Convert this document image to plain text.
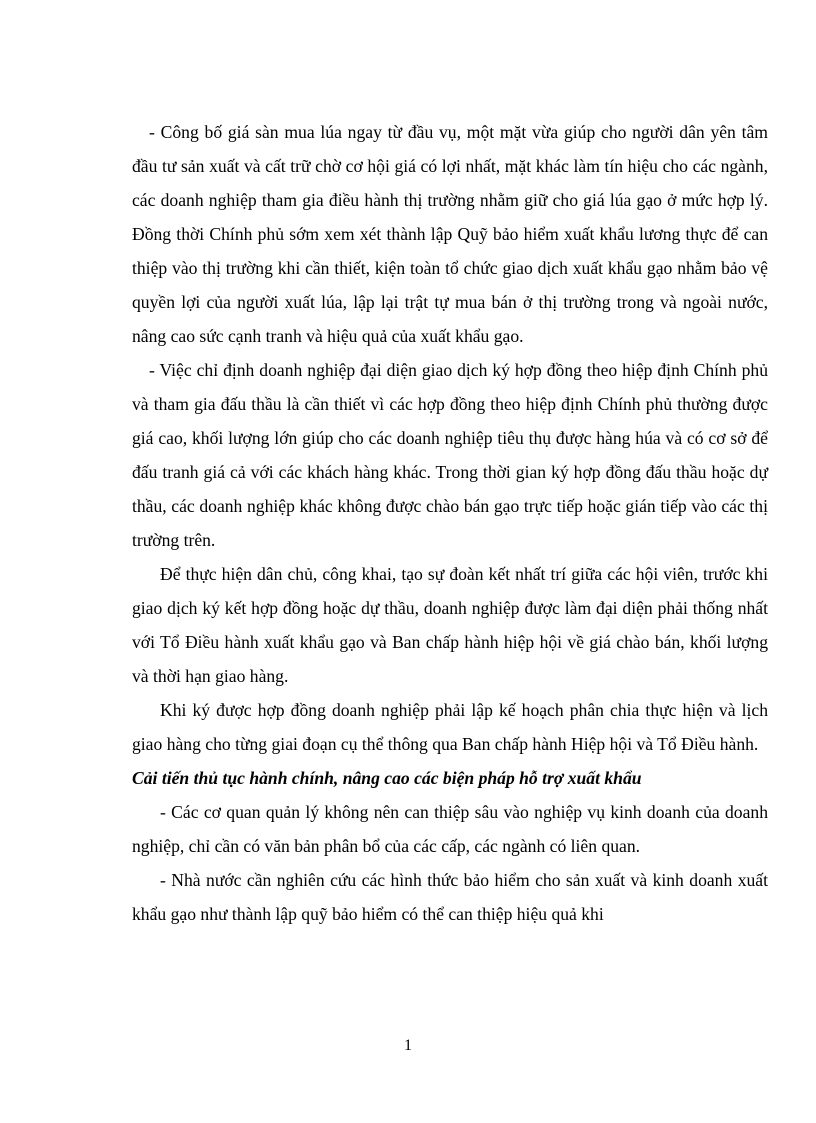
- Công bố giá sàn mua lúa ngay từ đầu vụ, một mặt vừa giúp cho người dân yên tâm đầu tư sản xuất và cất trữ chờ cơ hội giá có lợi nhất, mặt khác làm tín hiệu cho các ngành, các doanh nghiệp tham gia điều hành thị trường nhằm giữ cho giá lúa gạo ở mức hợp lý. Đồng thời Chính phủ sớm xem xét thành lập Quỹ bảo hiểm xuất khẩu lương thực để can thiệp vào thị trường khi cần thiết, kiện toàn tổ chức giao dịch xuất khẩu gạo nhằm bảo vệ quyền lợi của người xuất lúa, lập lại trật tự mua bán ở thị trường trong và ngoài nước, nâng cao sức cạnh tranh và hiệu quả của xuất khẩu gạo.

- Việc chỉ định doanh nghiệp đại diện giao dịch ký hợp đồng theo hiệp định Chính phủ và tham gia đấu thầu là cần thiết vì các hợp đồng theo hiệp định Chính phủ thường được giá cao, khối lượng lớn giúp cho các doanh nghiệp tiêu thụ được hàng húa và có cơ sở để đấu tranh giá cả với các khách hàng khác. Trong thời gian ký hợp đồng đấu thầu hoặc dự thầu, các doanh nghiệp khác không được chào bán gạo trực tiếp hoặc gián tiếp vào các thị trường trên.

Để thực hiện dân chủ, công khai, tạo sự đoàn kết nhất trí giữa các hội viên, trước khi giao dịch ký kết hợp đồng hoặc dự thầu, doanh nghiệp được làm đại diện phải thống nhất với Tổ Điều hành xuất khẩu gạo và Ban chấp hành hiệp hội về giá chào bán, khối lượng và thời hạn giao hàng.

Khi ký được hợp đồng doanh nghiệp phải lập kế hoạch phân chia thực hiện và lịch giao hàng cho từng giai đoạn cụ thể thông qua Ban chấp hành Hiệp hội và Tổ Điều hành.

Cải tiến thủ tục hành chính, nâng cao các biện pháp hỗ trợ xuất khẩu

- Các cơ quan quản lý không nên can thiệp sâu vào nghiệp vụ kinh doanh của doanh nghiệp, chỉ cần có văn bản phân bổ của các cấp, các ngành có liên quan.

- Nhà nước cần nghiên cứu các hình thức bảo hiểm cho sản xuất và kinh doanh xuất khẩu gạo như thành lập quỹ bảo hiểm có thể can thiệp hiệu quả khi

1
